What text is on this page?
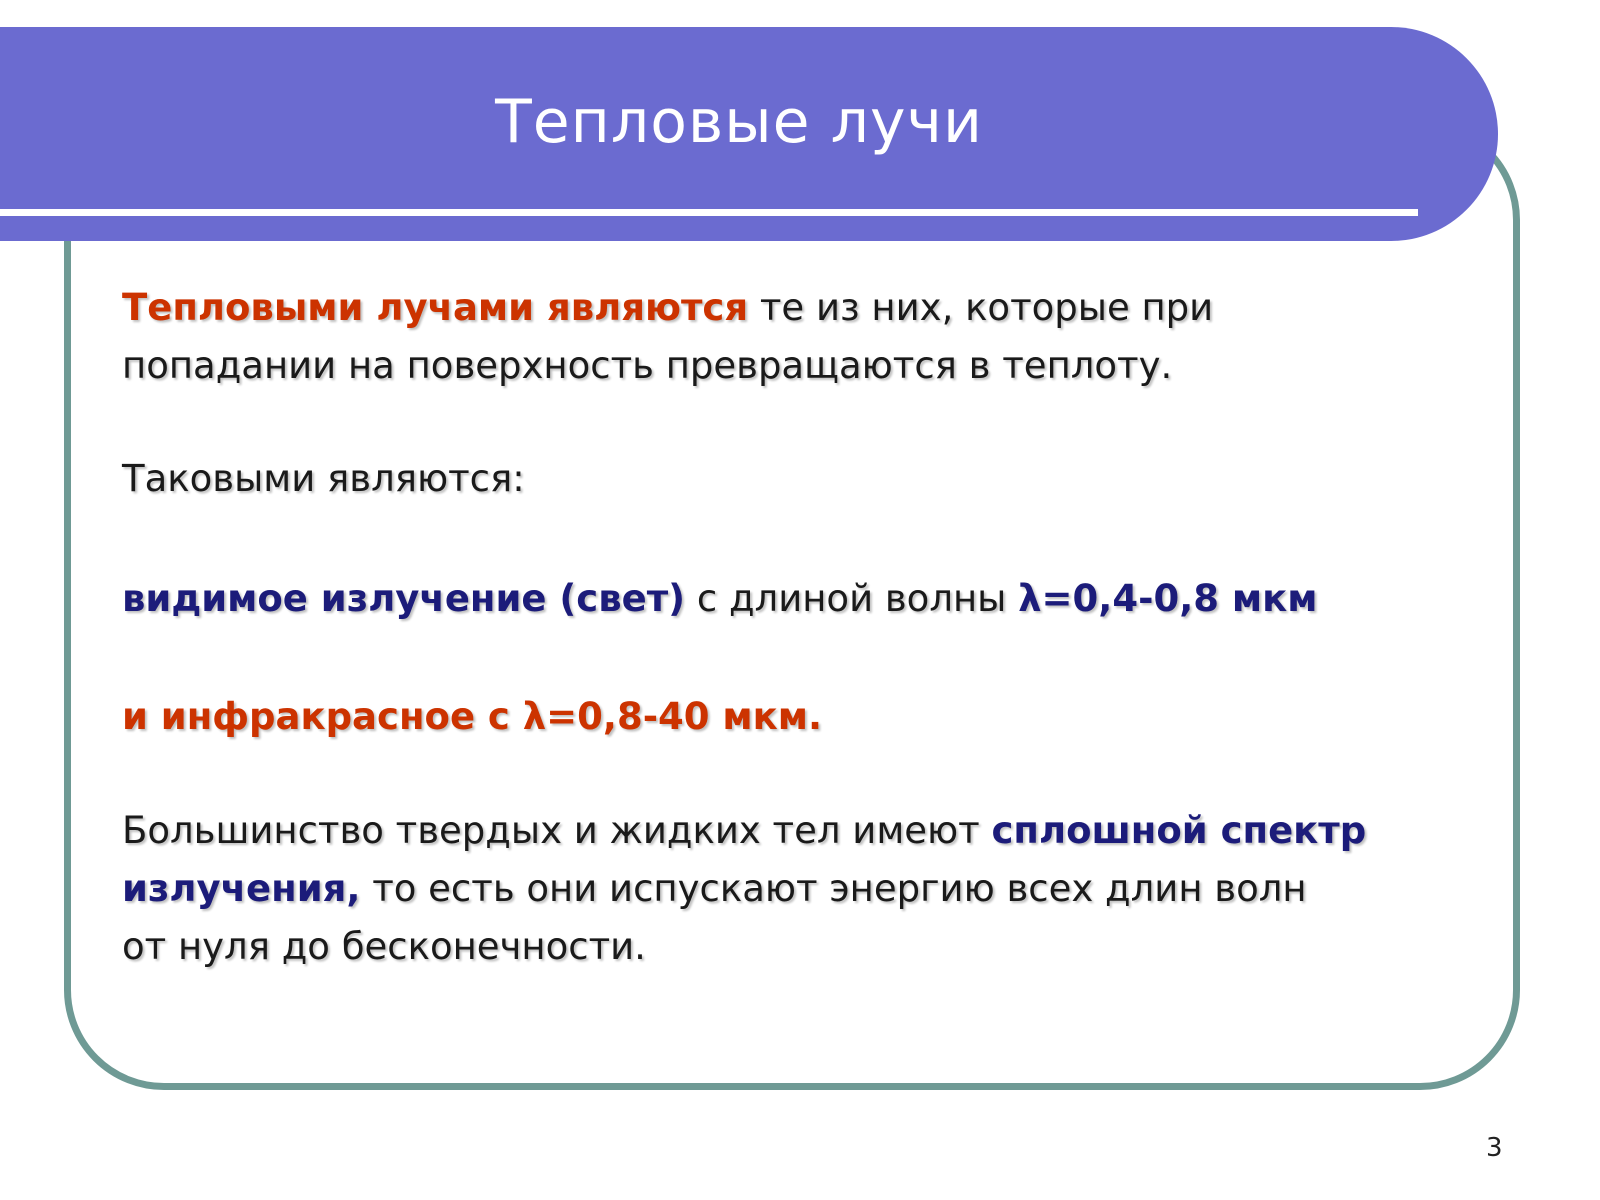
Тепловые лучи
Тепловыми лучами являются те из них, которые при
попадании на поверхность превращаются в теплоту.
Таковыми являются:
видимое излучение (свет) с длиной волны λ=0,4-0,8 мкм
и инфракрасное с λ=0,8-40 мкм.
Большинство твердых и жидких тел имеют сплошной спектр
излучения, то есть они испускают энергию всех длин волн
от нуля до бесконечности.
3
